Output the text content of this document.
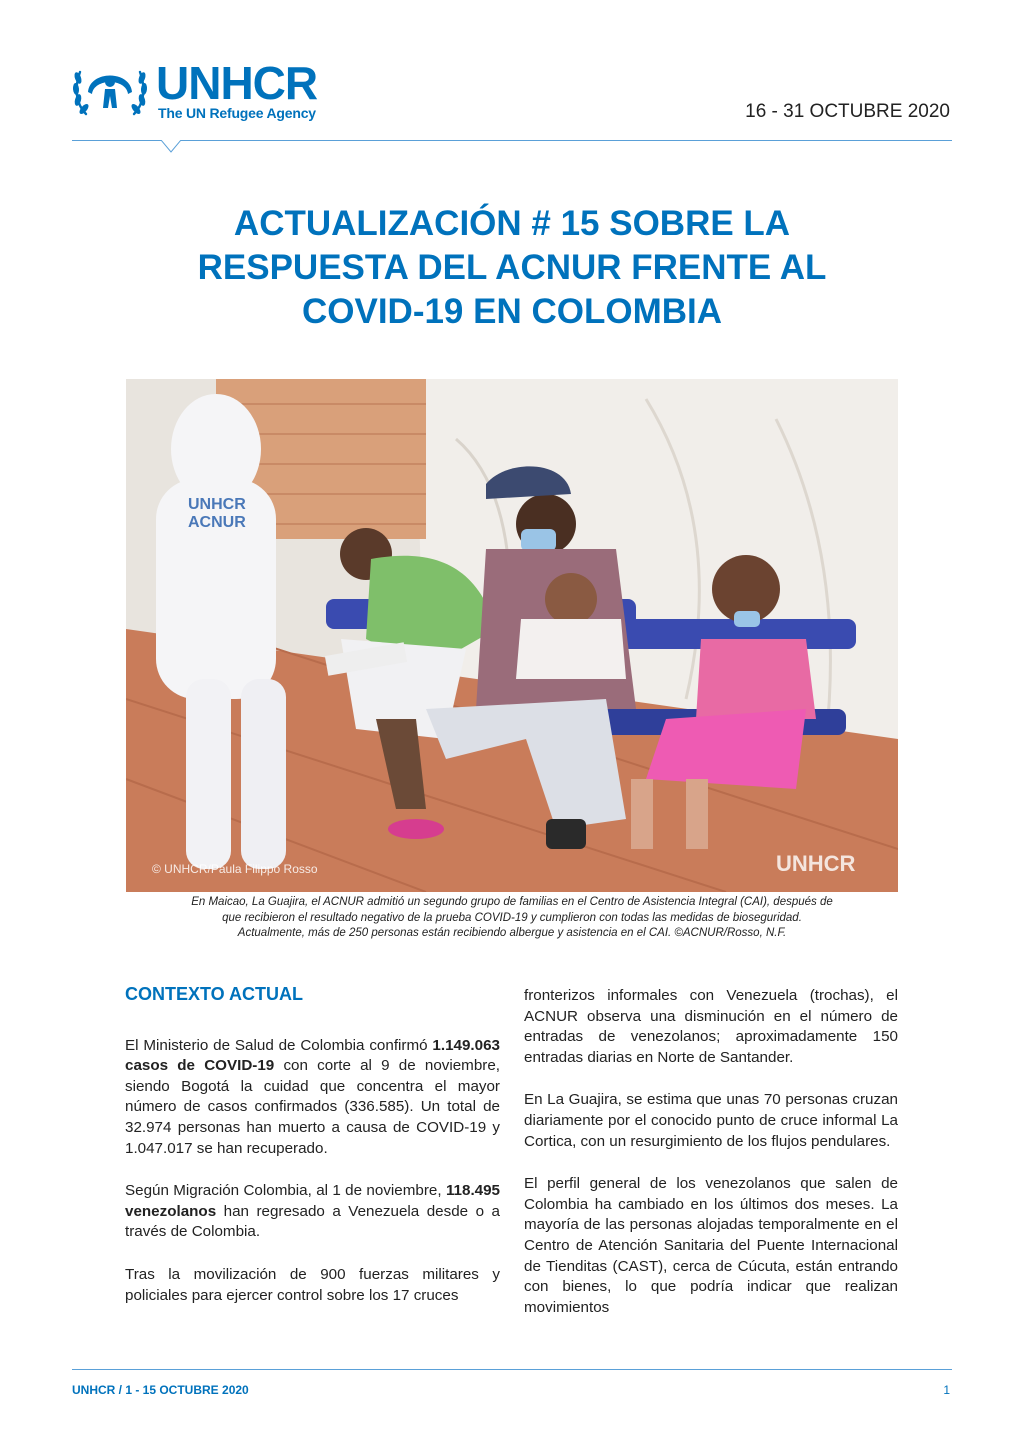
UNHCR
The UN Refugee Agency	16 - 31 OCTUBRE 2020
ACTUALIZACIÓN # 15 SOBRE LA
RESPUESTA DEL ACNUR FRENTE AL
COVID-19 EN COLOMBIA
UNHCR
ACNUR
© UNHCR/Paula Filippo Rosso	UNHCR
En Maicao, La Guajira, el ACNUR admitió un segundo grupo de familias en el Centro de Asistencia Integral (CAI), después de
que recibieron el resultado negativo de la prueba COVID-19 y cumplieron con todas las medidas de bioseguridad.
Actualmente, más de 250 personas están recibiendo albergue y asistencia en el CAI. ©ACNUR/Rosso, N.F.
CONTEXTO ACTUAL

El Ministerio de Salud de Colombia confirmó 1.149.063 casos de COVID-19 con corte al 9 de noviembre, siendo Bogotá la cuidad que concentra el mayor número de casos confirmados (336.585). Un total de 32.974 personas han muerto a causa de COVID-19 y 1.047.017 se han recuperado.

Según Migración Colombia, al 1 de noviembre, 118.495 venezolanos han regresado a Venezuela desde o a través de Colombia.

Tras la movilización de 900 fuerzas militares y policiales para ejercer control sobre los 17 cruces

fronterizos informales con Venezuela (trochas), el ACNUR observa una disminución en el número de entradas de venezolanos; aproximadamente 150 entradas diarias en Norte de Santander.

En La Guajira, se estima que unas 70 personas cruzan diariamente por el conocido punto de cruce informal La Cortica, con un resurgimiento de los flujos pendulares.

El perfil general de los venezolanos que salen de Colombia ha cambiado en los últimos dos meses. La mayoría de las personas alojadas temporalmente en el Centro de Atención Sanitaria del Puente Internacional de Tienditas (CAST), cerca de Cúcuta, están entrando con bienes, lo que podría indicar que realizan movimientos

UNHCR / 1 - 15 OCTUBRE 2020	1
